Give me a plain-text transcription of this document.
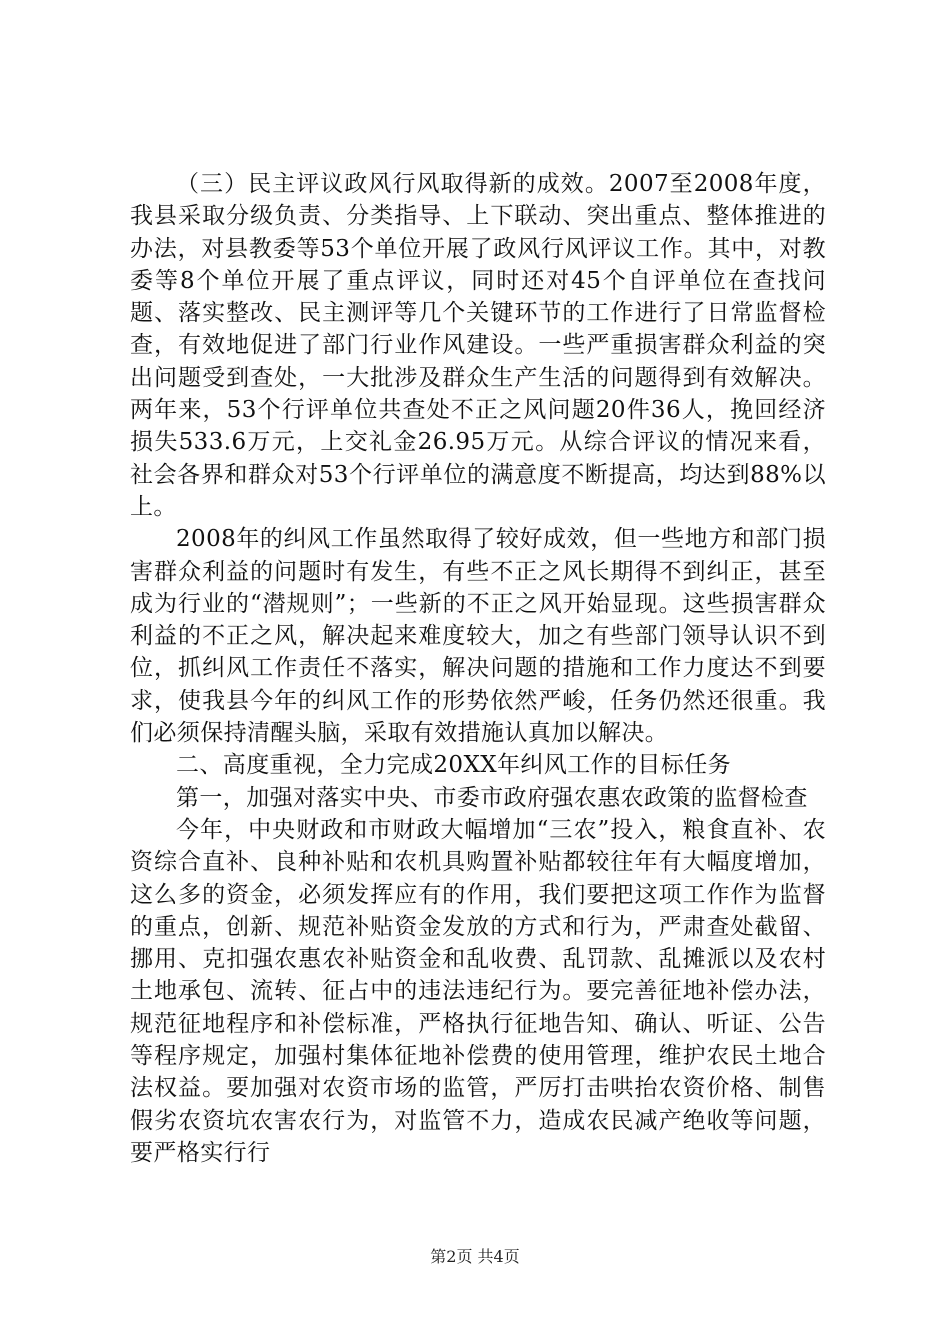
（三）民主评议政风行风取得新的成效。2007至2008年度，我县采取分级负责、分类指导、上下联动、突出重点、整体推进的办法，对县教委等53个单位开展了政风行风评议工作。其中，对教委等8个单位开展了重点评议，同时还对45个自评单位在查找问题、落实整改、民主测评等几个关键环节的工作进行了日常监督检查，有效地促进了部门行业作风建设。一些严重损害群众利益的突出问题受到查处，一大批涉及群众生产生活的问题得到有效解决。两年来，53个行评单位共查处不正之风问题20件36人，挽回经济损失533.6万元，上交礼金26.95万元。从综合评议的情况来看，社会各界和群众对53个行评单位的满意度不断提高，均达到88%以上。

2008年的纠风工作虽然取得了较好成效，但一些地方和部门损害群众利益的问题时有发生，有些不正之风长期得不到纠正，甚至成为行业的“潜规则”；一些新的不正之风开始显现。这些损害群众利益的不正之风，解决起来难度较大，加之有些部门领导认识不到位，抓纠风工作责任不落实，解决问题的措施和工作力度达不到要求，使我县今年的纠风工作的形势依然严峻，任务仍然还很重。我们必须保持清醒头脑，采取有效措施认真加以解决。

二、高度重视，全力完成20XX年纠风工作的目标任务

第一，加强对落实中央、市委市政府强农惠农政策的监督检查

今年，中央财政和市财政大幅增加“三农”投入，粮食直补、农资综合直补、良种补贴和农机具购置补贴都较往年有大幅度增加，这么多的资金，必须发挥应有的作用，我们要把这项工作作为监督的重点，创新、规范补贴资金发放的方式和行为，严肃查处截留、挪用、克扣强农惠农补贴资金和乱收费、乱罚款、乱摊派以及农村土地承包、流转、征占中的违法违纪行为。要完善征地补偿办法，规范征地程序和补偿标准，严格执行征地告知、确认、听证、公告等程序规定，加强村集体征地补偿费的使用管理，维护农民土地合法权益。要加强对农资市场的监管，严厉打击哄抬农资价格、制售假劣农资坑农害农行为，对监管不力，造成农民减产绝收等问题，要严格实行行

第2页 共4页
